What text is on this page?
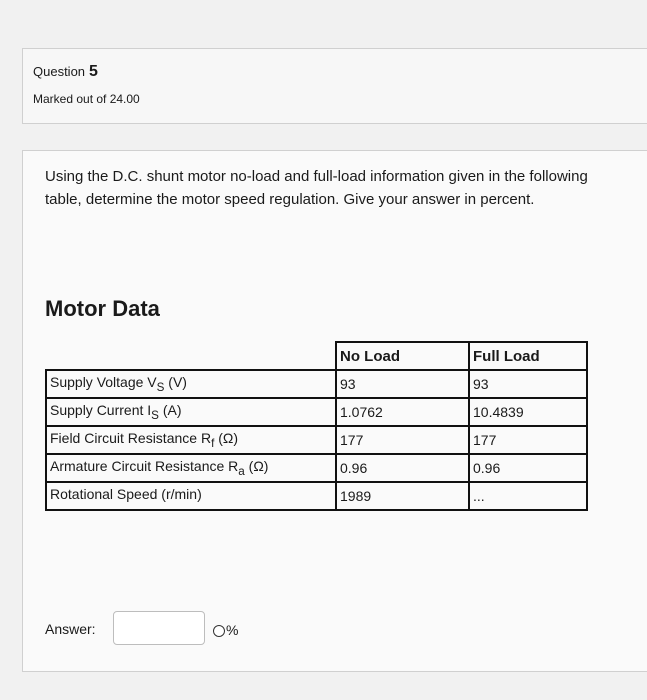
Question 5
Marked out of 24.00
Using the D.C. shunt motor no-load and full-load information given in the following table, determine the motor speed regulation. Give your answer in percent.
Motor Data
	No Load	Full Load
Supply Voltage $V_S$ (V)	93	93
Supply Current $I_S$ (A)	1.0762	10.4839
Field Circuit Resistance $R_f$ (Ω)	177	177
Armature Circuit Resistance $R_a$ (Ω)	0.96	0.96
Rotational Speed (r/min)	1989	...
Answer:	%
